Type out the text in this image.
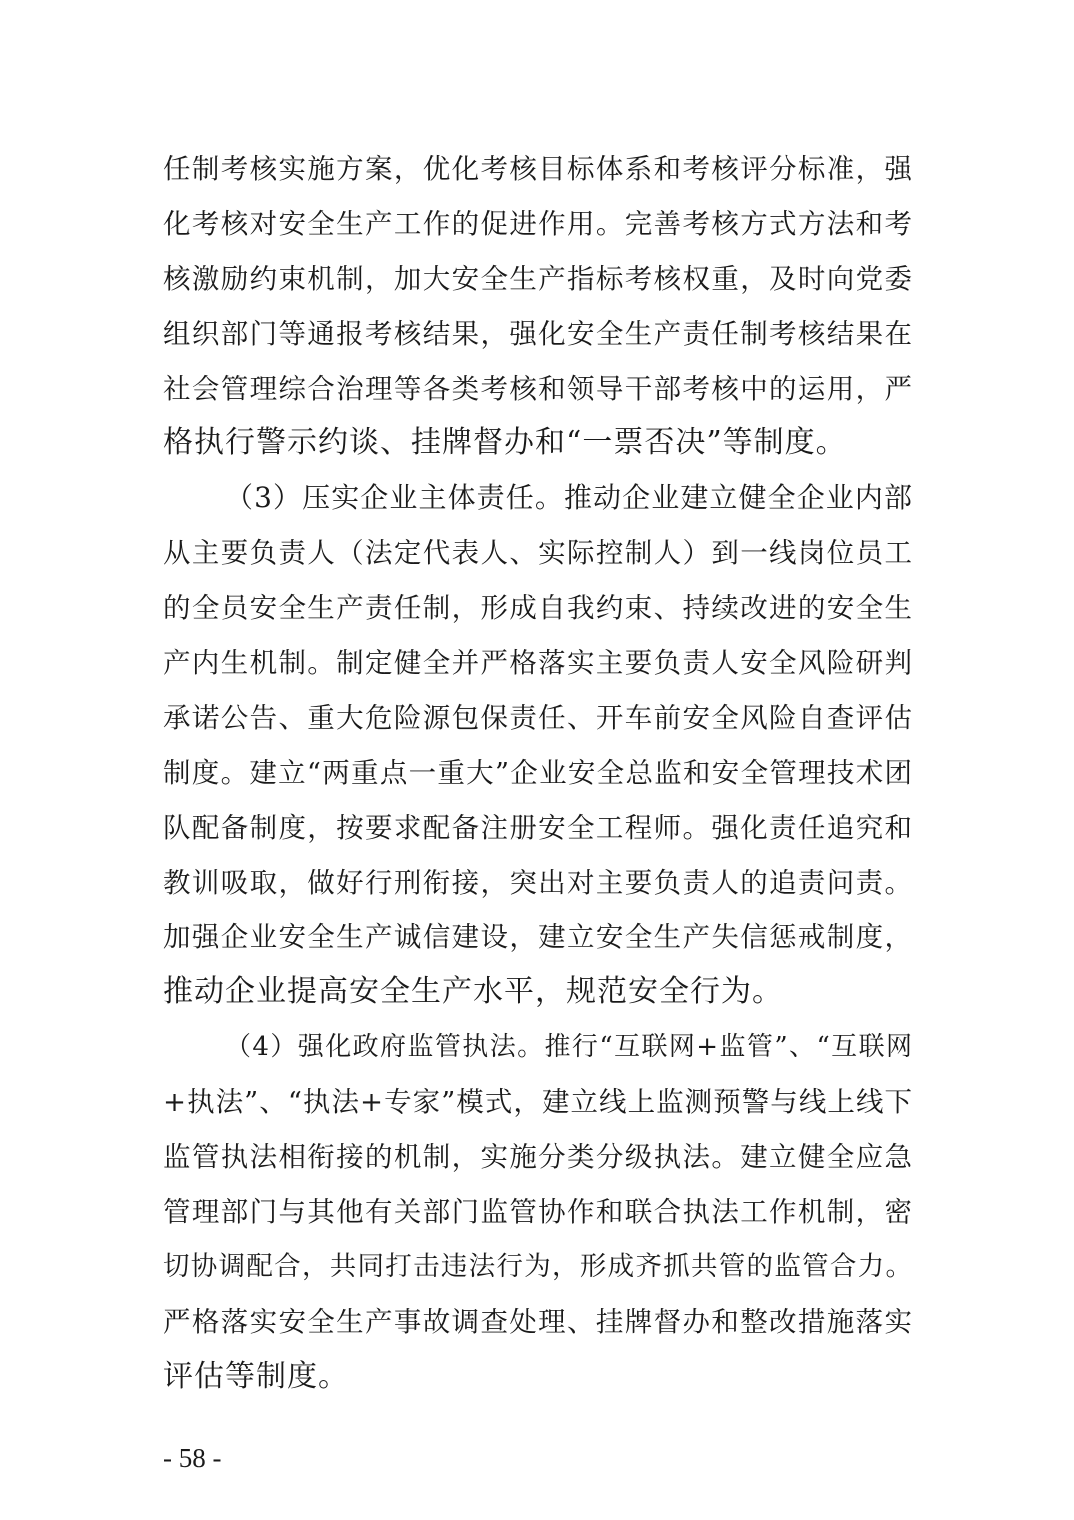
任制考核实施方案，优化考核目标体系和考核评分标准，强
化考核对安全生产工作的促进作用。完善考核方式方法和考
核激励约束机制，加大安全生产指标考核权重，及时向党委
组织部门等通报考核结果，强化安全生产责任制考核结果在
社会管理综合治理等各类考核和领导干部考核中的运用，严
格执行警示约谈、挂牌督办和“一票否决”等制度。
（3）压实企业主体责任。推动企业建立健全企业内部
从主要负责人（法定代表人、实际控制人）到一线岗位员工
的全员安全生产责任制，形成自我约束、持续改进的安全生
产内生机制。制定健全并严格落实主要负责人安全风险研判
承诺公告、重大危险源包保责任、开车前安全风险自查评估
制度。建立“两重点一重大”企业安全总监和安全管理技术团
队配备制度，按要求配备注册安全工程师。强化责任追究和
教训吸取，做好行刑衔接，突出对主要负责人的追责问责。
加强企业安全生产诚信建设，建立安全生产失信惩戒制度，
推动企业提高安全生产水平，规范安全行为。
（4）强化政府监管执法。推行“互联网+监管”、“互联网
+执法”、“执法+专家”模式，建立线上监测预警与线上线下
监管执法相衔接的机制，实施分类分级执法。建立健全应急
管理部门与其他有关部门监管协作和联合执法工作机制，密
切协调配合，共同打击违法行为，形成齐抓共管的监管合力。
严格落实安全生产事故调查处理、挂牌督办和整改措施落实
评估等制度。
- 58 -
